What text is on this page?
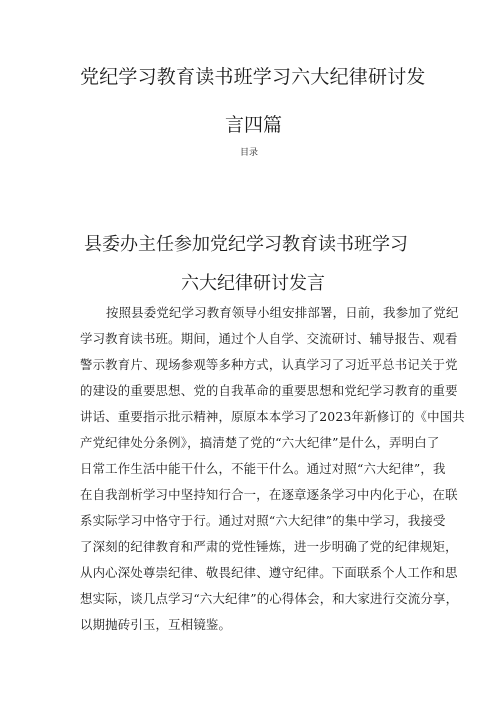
党纪学习教育读书班学习六大纪律研讨发
言四篇
目录
县委办主任参加党纪学习教育读书班学习
六大纪律研讨发言
按照县委党纪学习教育领导小组安排部署，日前，我参加了党纪
学习教育读书班。期间，通过个人自学、交流研讨、辅导报告、观看
警示教育片、现场参观等多种方式，认真学习了习近平总书记关于党
的建设的重要思想、党的自我革命的重要思想和党纪学习教育的重要
讲话、重要指示批示精神，原原本本学习了2023年新修订的《中国共
产党纪律处分条例》，搞清楚了党的“六大纪律”是什么，弄明白了
日常工作生活中能干什么，不能干什么。通过对照“六大纪律”，我
在自我剖析学习中坚持知行合一，在逐章逐条学习中内化于心，在联
系实际学习中恪守于行。通过对照“六大纪律”的集中学习，我接受
了深刻的纪律教育和严肃的党性锤炼，进一步明确了党的纪律规矩，
从内心深处尊崇纪律、敬畏纪律、遵守纪律。下面联系个人工作和思
想实际，谈几点学习“六大纪律”的心得体会，和大家进行交流分享，
以期抛砖引玉，互相镜鉴。
